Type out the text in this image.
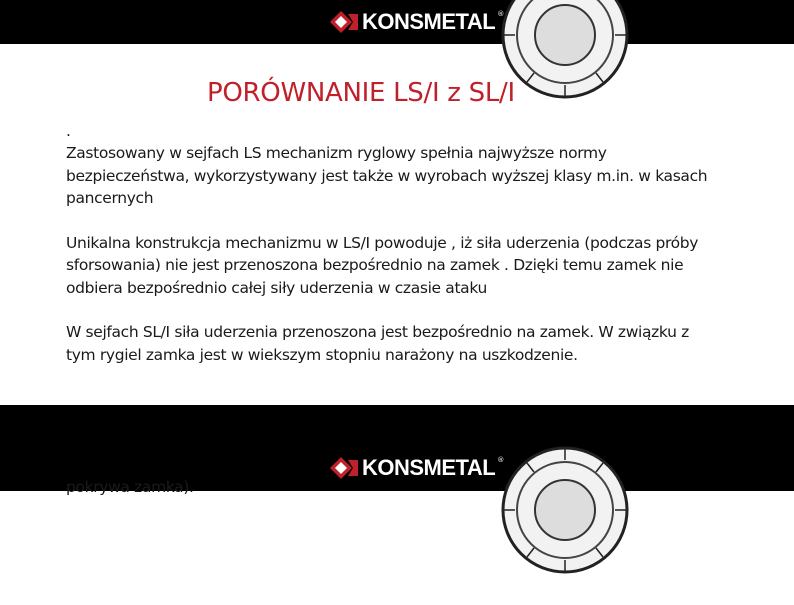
KONSMETAL ®
KONSMETAL ®
PORÓWNANIE LS/I z SL/I

.

Zastosowany w sejfach LS mechanizm ryglowy spełnia najwyższe normy bezpieczeństwa, wykorzystywany jest także w wyrobach wyższej klasy m.in. w kasach pancernych

Unikalna konstrukcja mechanizmu w LS/I powoduje , iż siła uderzenia (podczas próby sforsowania) nie jest przenoszona bezpośrednio na zamek . Dzięki temu zamek nie odbiera bezpośrednio całej siły uderzenia w czasie ataku

W sejfach SL/I siła uderzenia przenoszona jest bezpośrednio na zamek. W związku z tym rygiel zamka jest w wiekszym stopniu narażony na uszkodzenie.

pokrywa zamka).
